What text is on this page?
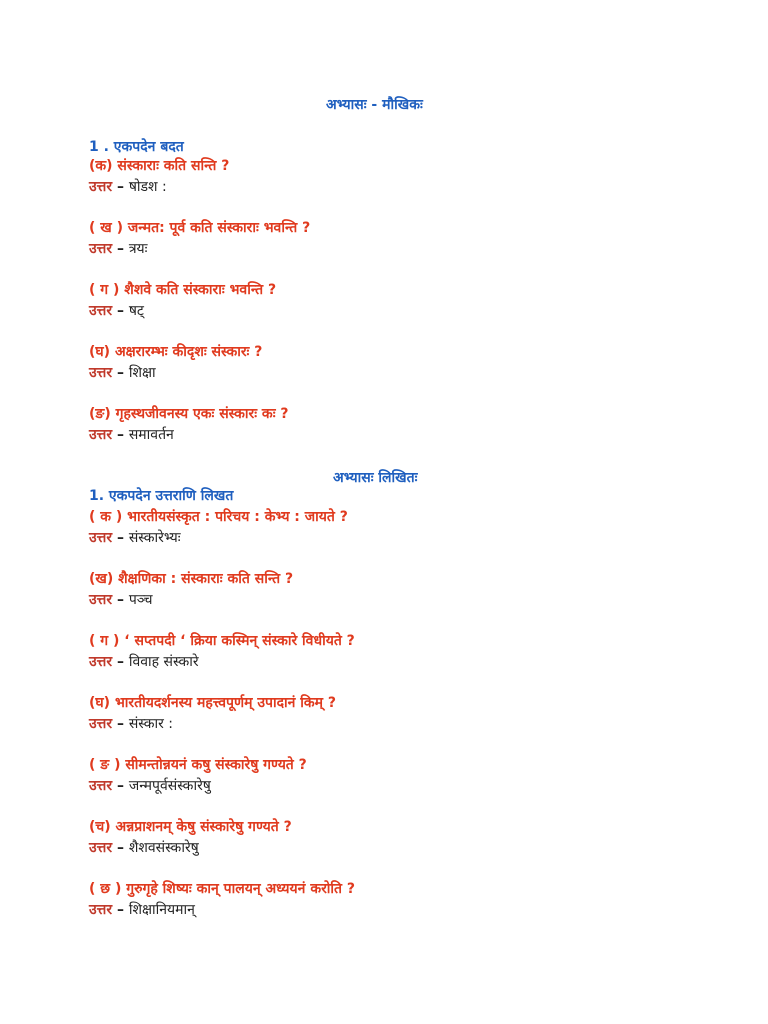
अभ्यासः - मौखिकः
1 . एकपदेन बदत
(क) संस्काराः कति सन्ति ?
उत्तर – षोडश :
( ख ) जन्मत: पूर्व कति संस्काराः भवन्ति ?
उत्तर – त्रयः
( ग ) शैशवे कति संस्काराः भवन्ति ?
उत्तर – षट्
(घ) अक्षरारम्भः कीदृशः संस्कारः ?
उत्तर – शिक्षा
(ङ) गृहस्थजीवनस्य एकः संस्कारः कः ?
उत्तर – समावर्तन
अभ्यासः लिखितः
1. एकपदेन उत्तराणि लिखत
( क ) भारतीयसंस्कृत : परिचय : केभ्य : जायते ?
उत्तर – संस्कारेभ्यः
(ख) शैक्षणिका : संस्काराः कति सन्ति ?
उत्तर – पञ्च
( ग ) ‘ सप्तपदी ‘ क्रिया कस्मिन् संस्कारे विधीयते ?
उत्तर – विवाह संस्कारे
(घ) भारतीयदर्शनस्य महत्त्वपूर्णम् उपादानं किम् ?
उत्तर – संस्कार :
( ङ ) सीमन्तोन्नयनं कषु संस्कारेषु गण्यते ?
उत्तर – जन्मपूर्वसंस्कारेषु
(च) अन्नप्राशनम् केषु संस्कारेषु गण्यते ?
उत्तर – शैशवसंस्कारेषु
( छ ) गुरुगृहे शिष्यः कान् पालयन् अध्ययनं करोति ?
उत्तर – शिक्षानियमान्
